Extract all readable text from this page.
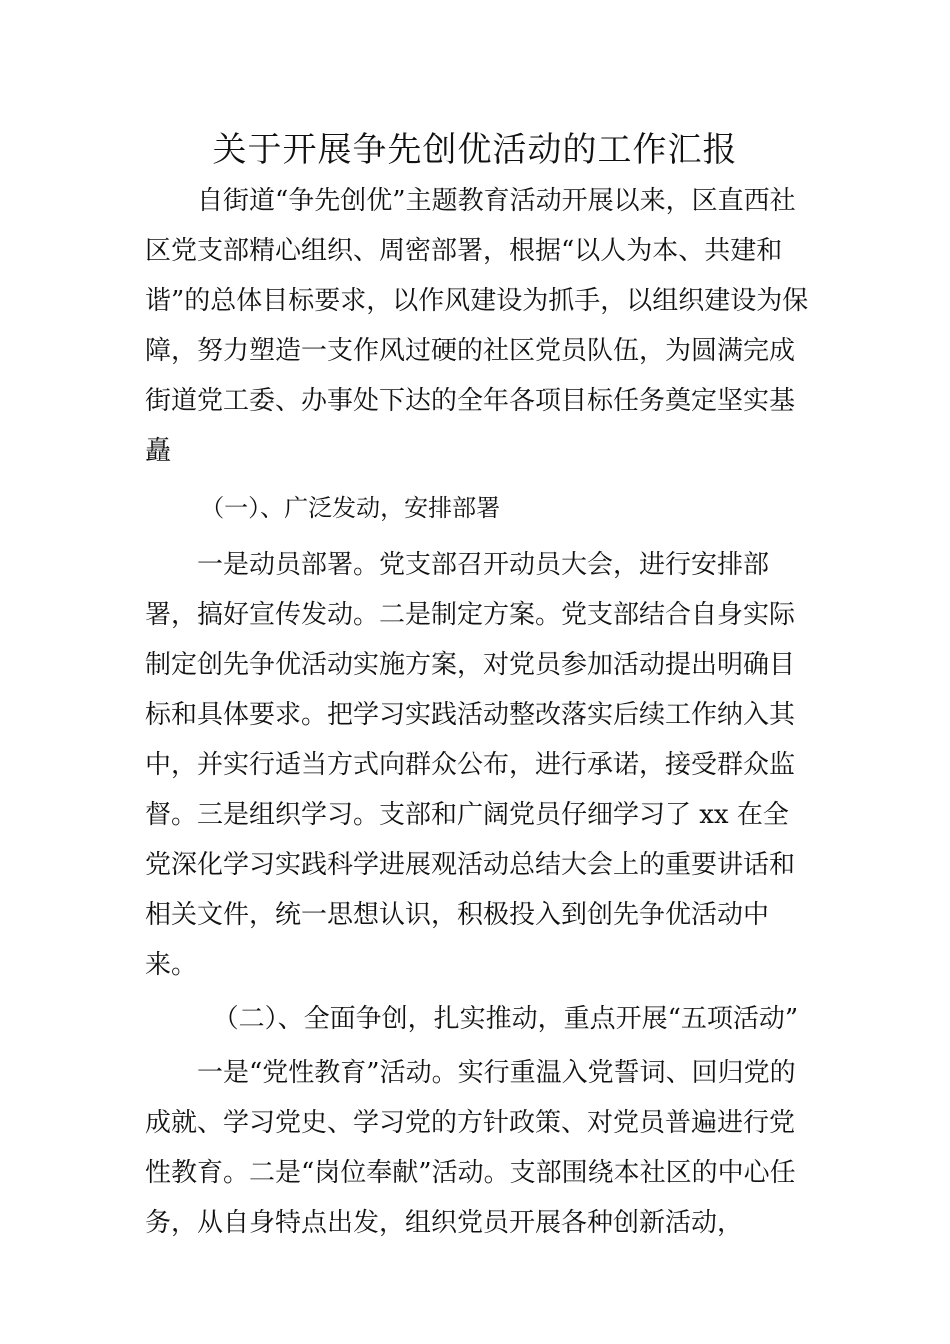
关于开展争先创优活动的工作汇报

自街道“争先创优”主题教育活动开展以来，区直西社区党支部精心组织、周密部署，根据“以人为本、共建和谐”的总体目标要求，以作风建设为抓手，以组织建设为保障，努力塑造一支作风过硬的社区党员队伍，为圆满完成街道党工委、办事处下达的全年各项目标任务奠定坚实基矗

（一）、广泛发动，安排部署

一是动员部署。党支部召开动员大会，进行安排部署，搞好宣传发动。二是制定方案。党支部结合自身实际制定创先争优活动实施方案，对党员参加活动提出明确目标和具体要求。把学习实践活动整改落实后续工作纳入其中，并实行适当方式向群众公布，进行承诺，接受群众监督。三是组织学习。支部和广阔党员仔细学习了 xx 在全党深化学习实践科学进展观活动总结大会上的重要讲话和相关文件，统一思想认识，积极投入到创先争优活动中来。

（二）、全面争创，扎实推动，重点开展“五项活动”

一是“党性教育”活动。实行重温入党誓词、回归党的成就、学习党史、学习党的方针政策、对党员普遍进行党性教育。二是“岗位奉献”活动。支部围绕本社区的中心任务，从自身特点出发，组织党员开展各种创新活动，
